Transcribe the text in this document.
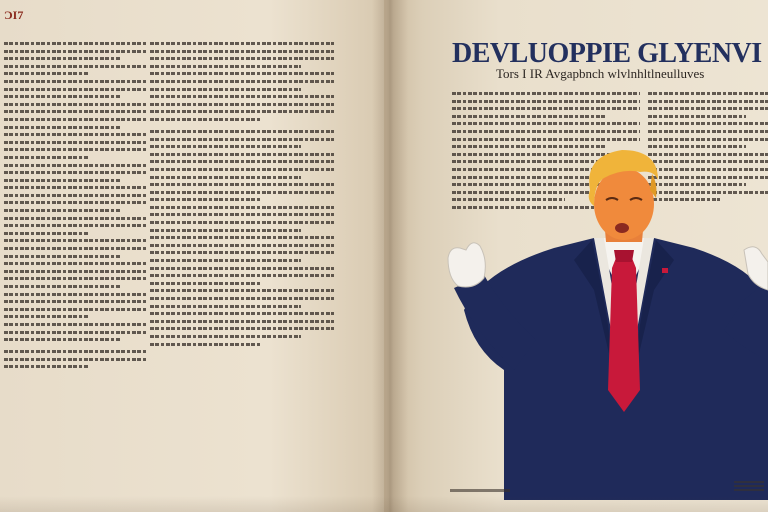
ƆI7
DEVLUOPPIE GLYENVI
Tors I IR Avgapbnch wlvlnhltlneulluves
